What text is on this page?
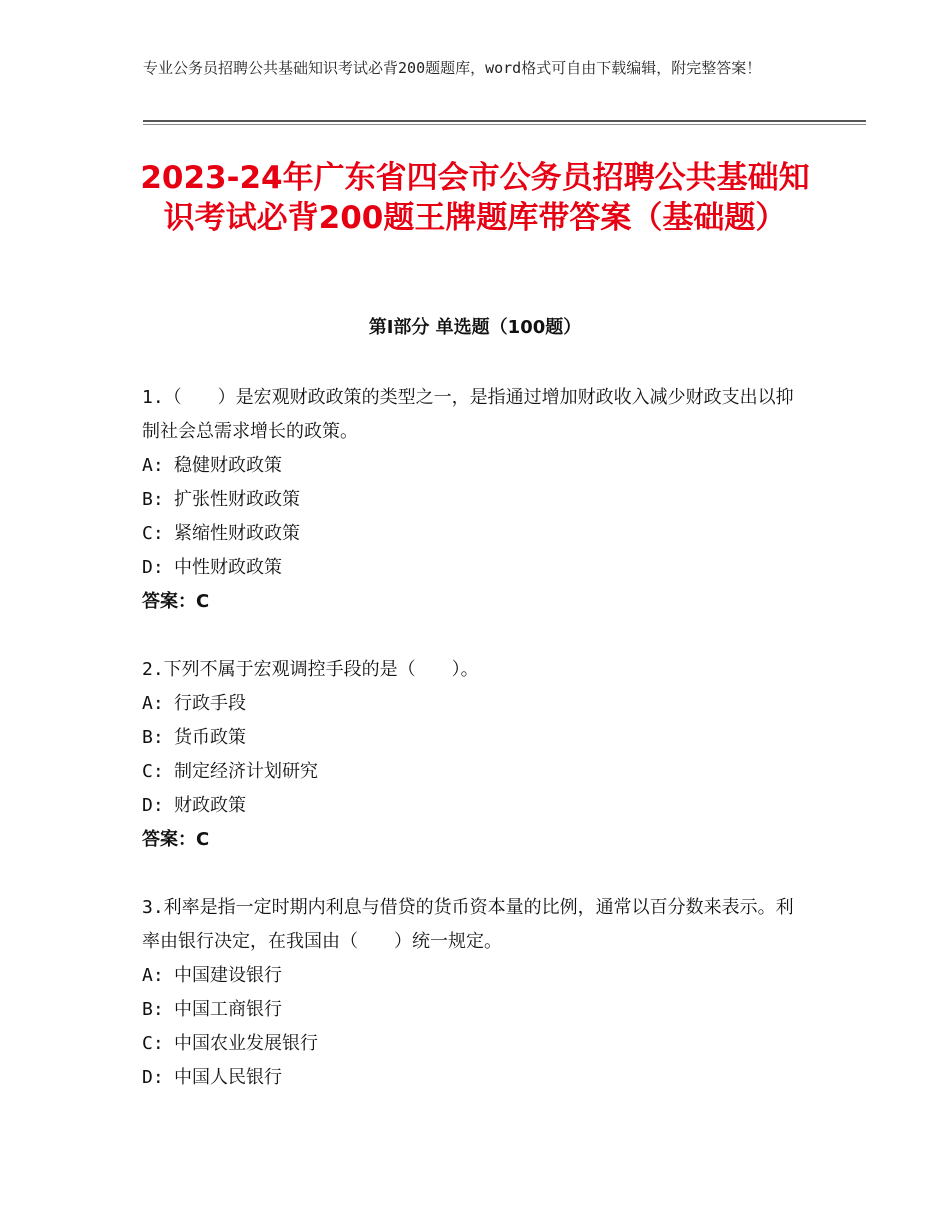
专业公务员招聘公共基础知识考试必背200题题库，word格式可自由下载编辑，附完整答案！
2023-24年广东省四会市公务员招聘公共基础知识考试必背200题王牌题库带答案（基础题）
第Ⅰ部分 单选题（100题）
1.（　　）是宏观财政政策的类型之一，是指通过增加财政收入减少财政支出以抑制社会总需求增长的政策。
A: 稳健财政政策
B: 扩张性财政政策
C: 紧缩性财政政策
D: 中性财政政策
答案：C
2.下列不属于宏观调控手段的是（　　）。
A: 行政手段
B: 货币政策
C: 制定经济计划研究
D: 财政政策
答案：C
3.利率是指一定时期内利息与借贷的货币资本量的比例，通常以百分数来表示。利率由银行决定，在我国由（　　）统一规定。
A: 中国建设银行
B: 中国工商银行
C: 中国农业发展银行
D: 中国人民银行
